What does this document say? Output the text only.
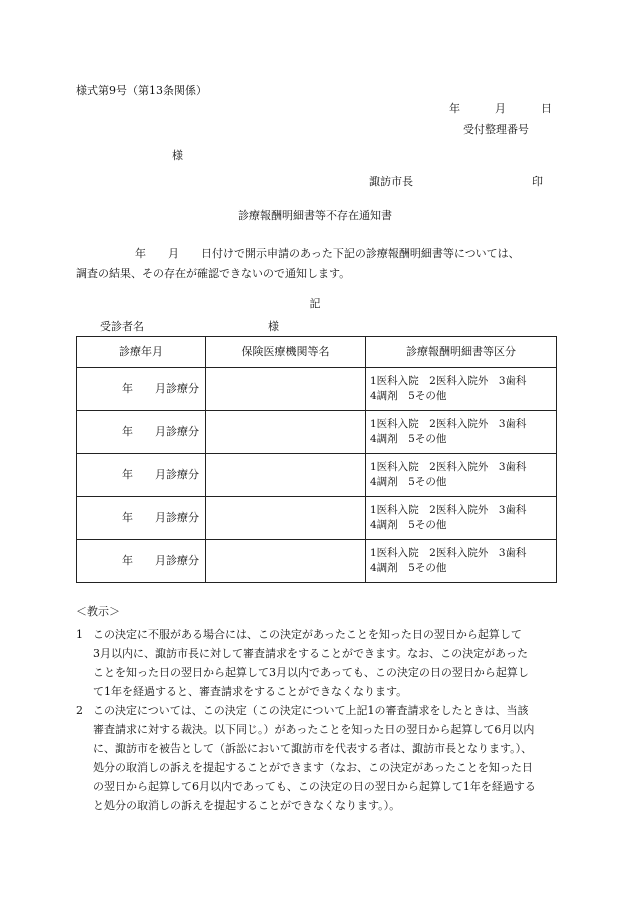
様式第9号（第13条関係）
年	月	日
受付整理番号
様
諏訪市長	印
診療報酬明細書等不存在通知書
年　　月　　日付けで開示申請のあった下記の診療報酬明細書等については、
調査の結果、その存在が確認できないので通知します。
記
受診者名	様
診療年月	保険医療機関等名	診療報酬明細書等区分
年　　月診療分		1医科入院　2医科入院外　3歯科
4調剤　5その他

年　　月診療分		1医科入院　2医科入院外　3歯科
4調剤　5その他

年　　月診療分		1医科入院　2医科入院外　3歯科
4調剤　5その他

年　　月診療分		1医科入院　2医科入院外　3歯科
4調剤　5その他

年　　月診療分		1医科入院　2医科入院外　3歯科
4調剤　5その他
＜教示＞
1 この決定に不服がある場合には、この決定があったことを知った日の翌日から起算して
3月以内に、諏訪市長に対して審査請求をすることができます。なお、この決定があった
ことを知った日の翌日から起算して3月以内であっても、この決定の日の翌日から起算し
て1年を経過すると、審査請求をすることができなくなります。
2 この決定については、この決定（この決定について上記1の審査請求をしたときは、当該
審査請求に対する裁決。以下同じ。）があったことを知った日の翌日から起算して6月以内
に、諏訪市を被告として（訴訟において諏訪市を代表する者は、諏訪市長となります。）、
処分の取消しの訴えを提起することができます（なお、この決定があったことを知った日
の翌日から起算して6月以内であっても、この決定の日の翌日から起算して1年を経過する
と処分の取消しの訴えを提起することができなくなります。）。
